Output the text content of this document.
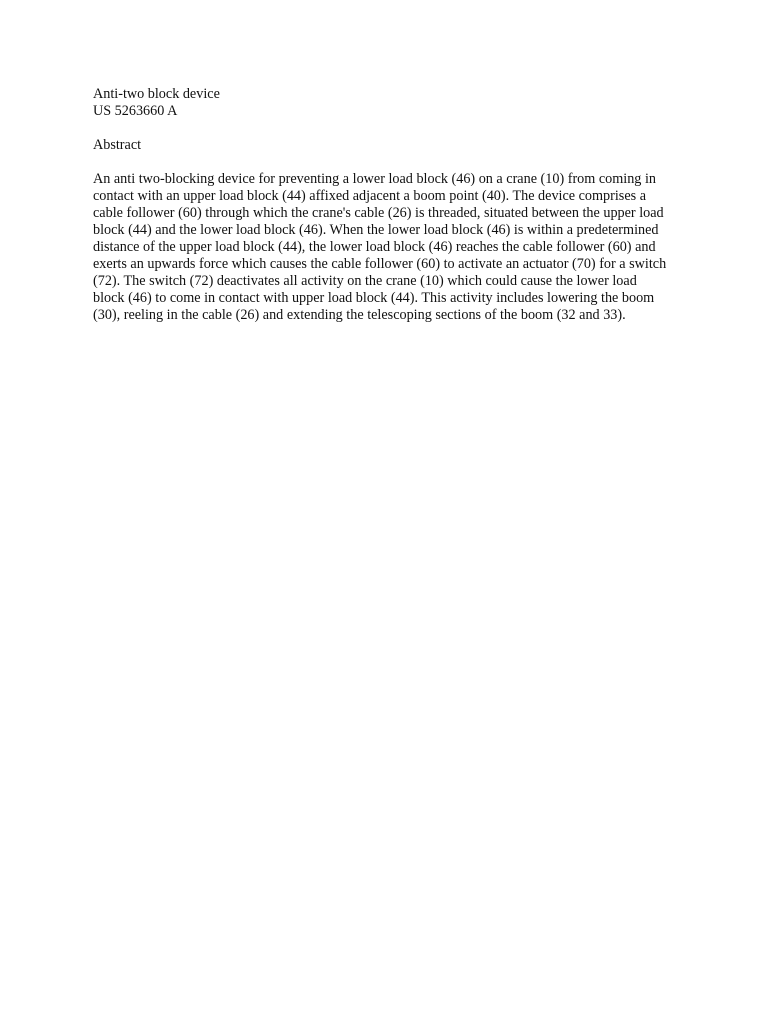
Anti-two block device
US 5263660 A
Abstract

An anti two-blocking device for preventing a lower load block (46) on a crane (10) from coming in contact with an upper load block (44) affixed adjacent a boom point (40). The device comprises a cable follower (60) through which the crane's cable (26) is threaded, situated between the upper load block (44) and the lower load block (46). When the lower load block (46) is within a predetermined distance of the upper load block (44), the lower load block (46) reaches the cable follower (60) and exerts an upwards force which causes the cable follower (60) to activate an actuator (70) for a switch (72). The switch (72) deactivates all activity on the crane (10) which could cause the lower load block (46) to come in contact with upper load block (44). This activity includes lowering the boom (30), reeling in the cable (26) and extending the telescoping sections of the boom (32 and 33).
